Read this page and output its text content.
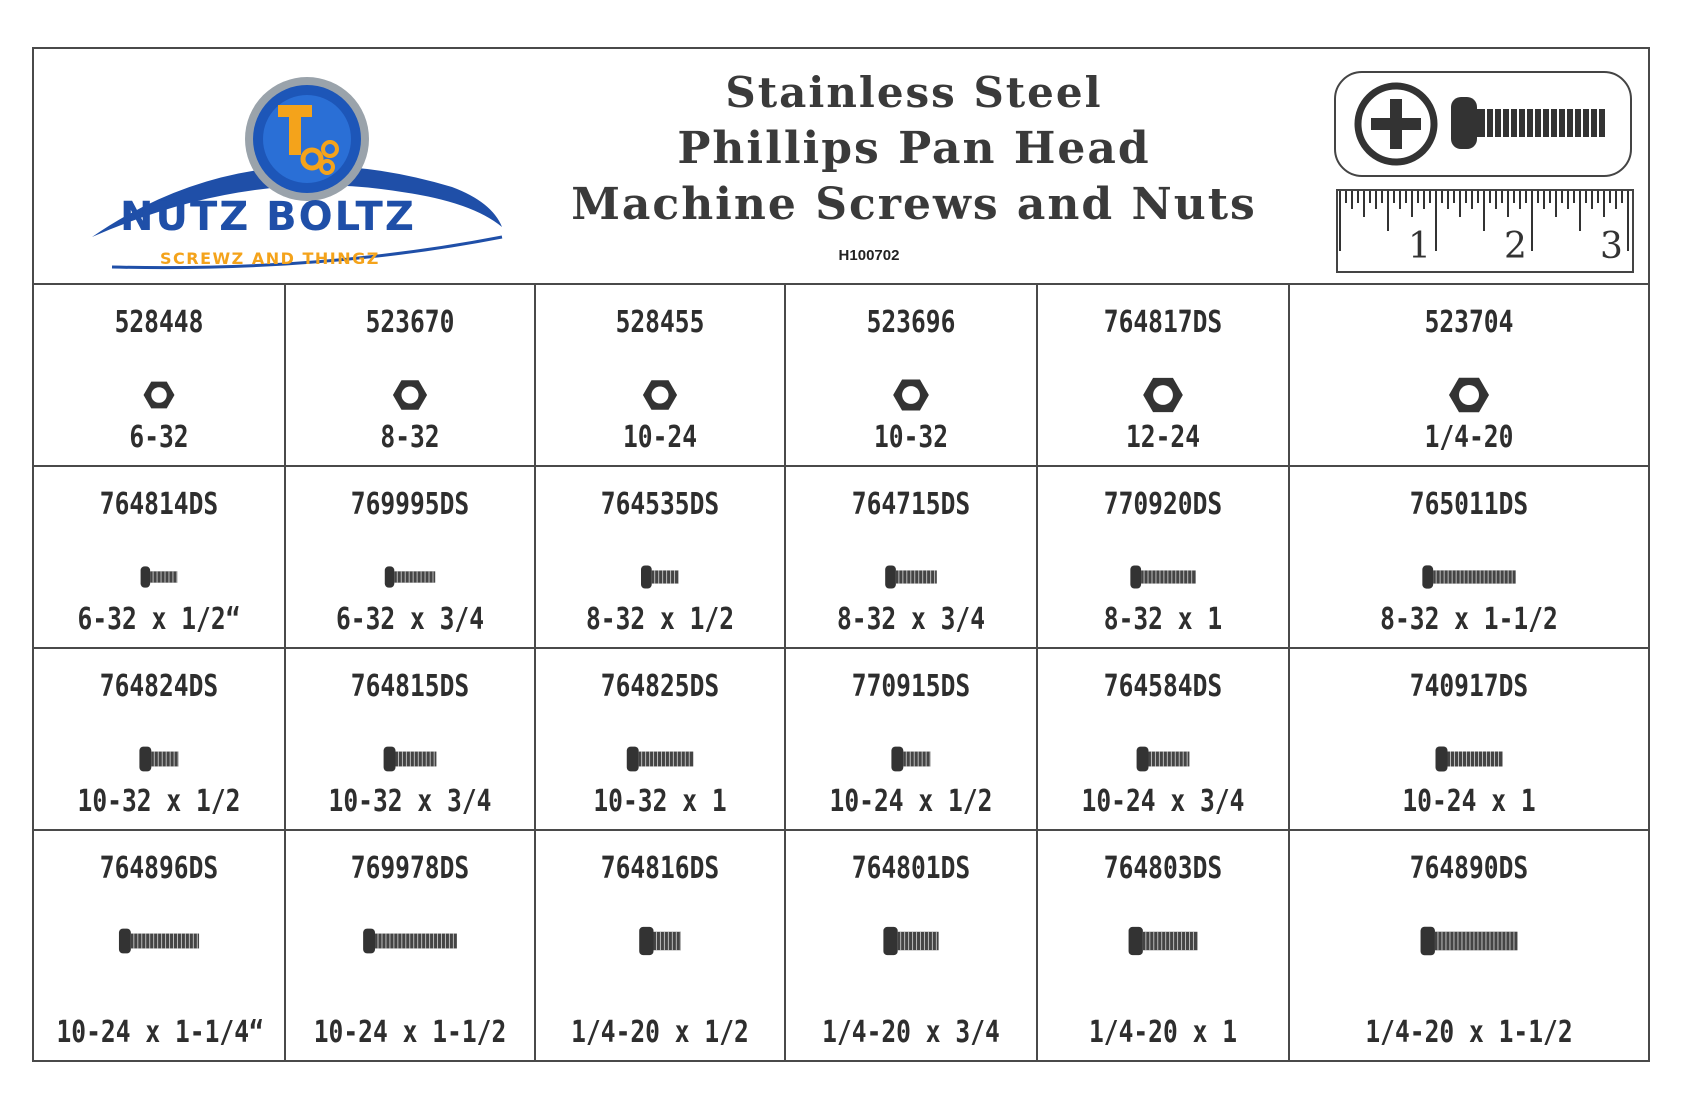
NUTZ BOLTZ
SCREWZ AND THINGZ
Stainless Steel
Phillips Pan Head
Machine Screws and Nuts
H100702	1 2 3
528448
6-32
523670
8-32
528455
10-24
523696
10-32
764817DS
12-24
523704
1/4-20
764814DS
6-32 x 1/2“
769995DS
6-32 x 3/4
764535DS
8-32 x 1/2
764715DS
8-32 x 3/4
770920DS
8-32 x 1
765011DS
8-32 x 1-1/2
764824DS
10-32 x 1/2
764815DS
10-32 x 3/4
764825DS
10-32 x 1
770915DS
10-24 x 1/2
764584DS
10-24 x 3/4
740917DS
10-24 x 1
764896DS
10-24 x 1-1/4“
769978DS
10-24 x 1-1/2
764816DS
1/4-20 x 1/2
764801DS
1/4-20 x 3/4
764803DS
1/4-20 x 1
764890DS
1/4-20 x 1-1/2
